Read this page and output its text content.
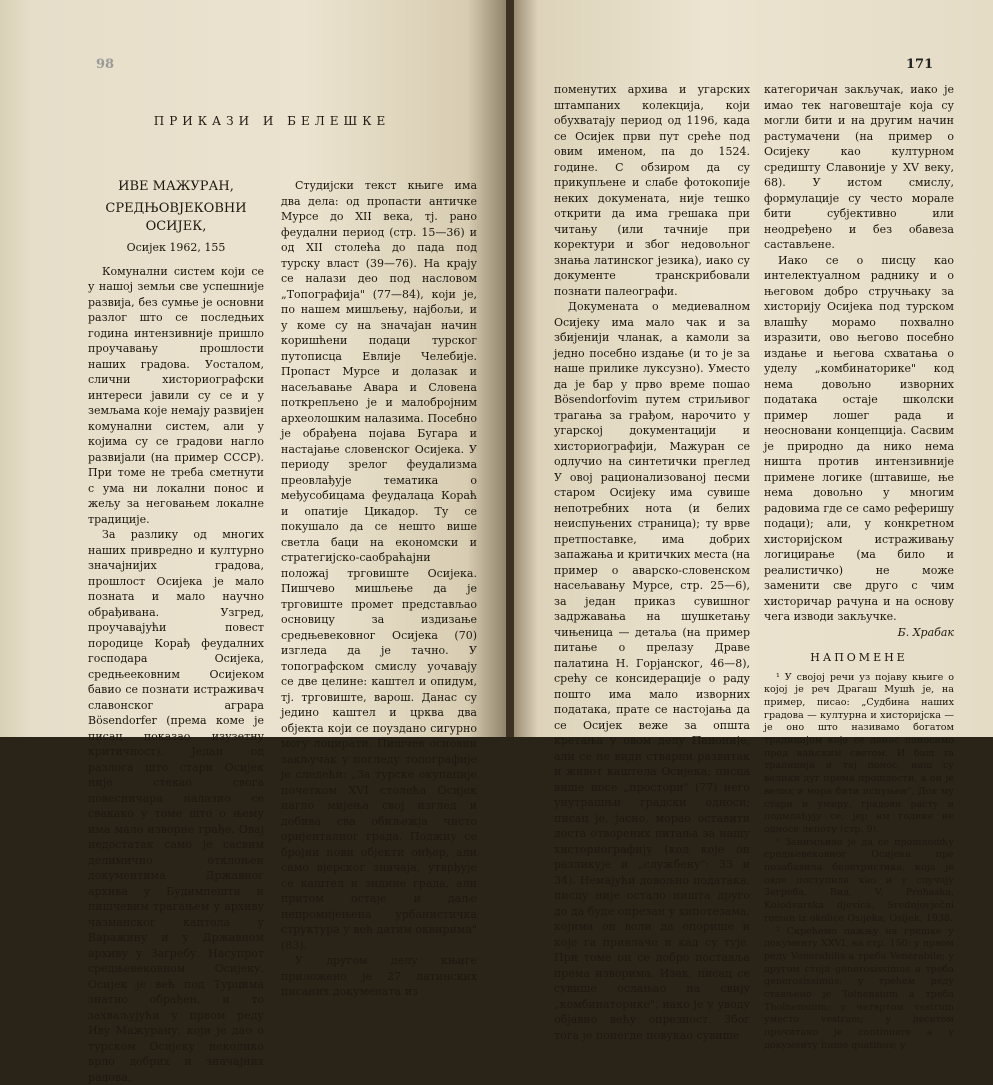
98
ПРИКАЗИ И БЕЛЕШКЕ
ИВЕ МАЖУРАН,
СРЕДЊОВЈЕКОВНИ ОСИЈЕК,
Осијек 1962, 155

Комунални систем који се у нашој земљи све успешније развија, без сумње је основни разлог што се последњих година интензивније пришло проучавању прошлости наших градова. Уосталом, слични хисториографски интереси јавили су се и у земљама које немају развијен комунални систем, али у којима су се градови нагло развијали (на пример СССР). При томе не треба сметнути с ума ни локални понос и жељу за неговањем локалне традиције.

За разлику од многих наших привредно и културно значајнијих градова, прошлост Осијека је мало позната и мало научно обрађивана. Узгред, проучавајући повест породице Корађ феудалних господара Осијека, средњеековним Осијеком бавио се познати истраживач славонског аграра Bösendorfer (према коме је писац показао изузетну критичност). Један од разлога што стари Осијек није стекао свога повесничара налазио се свакако у томе што о њему има мало изворне грађе. Овај недостатак само је сасвим делимично отклоњен документима Државног архива у Будимпешти и пишчевим трагањем у архиву чазманског каптола у Варажину и у Државном архиву у Загребу. Насупрот средњевековном Осијеку, Осијек је већ под Турцима знатно обрађен, и то захваљујући у првом реду Иву Мажурану, који је дао о турском Осијеку неколико врло добрих и значајних радова.

Студијски текст књиге има два дела: од пропасти античке Мурсе до XII века, тј. рано феудални период (стр. 15—36) и од XII столећа до пада под турску власт (39—76). На крају се налази део под насловом „Топографија" (77—84), који је, по нашем мишљењу, најбољи, и у коме су на значајан начин коришћени подаци турског путописца Евлије Челебије. Пропаст Мурсе и долазак и насељавање Авара и Словена поткрепљено је и малобројним археолошким налазима. Посебно је обрађена појава Бугара и настајање словенског Осијека. У периоду зрелог феудализма преовлађује тематика о међусобицама феудалаца Кораћ и опатије Цикадор. Ту се покушало да се нешто више светла баци на економски и стратегијско-саобраћајни положај трговиште Осијека. Пишчево мишљење да је трговиште промет представљао основицу за издизање средњевековног Осијека (70) изгледа да је тачно. У топографском смислу уочавају се две целине: каштел и опидум, тј. трговиште, варош. Данас су једино каштел и црква два објекта који се поуздано сигурно могу лоцирати. Пишчев основни закључак у погледу топографије је следећи: „За турске окупације почетком XVI столећа Осијек нагло мијења свој изглед и добива сва обиљежја чисто оријенталног града. Поджиу се бројни нови објекти онђер, али само вјерског значаја, утврђује се каштел и зидине града, али притом остаје и даље непромијењена урбанистичка структура у већ датим оквирима" (83).

У другом делу књиге приложено је 27 латинских писаних докумената из

171

поменутих архива и угарских штампаних колекција, који обухватају период од 1196, када се Осијек први пут среће под овим именом, па до 1524. године. С обзиром да су прикупљене и слабе фотокопије неких докумената, није тешко открити да има грешака при читању (или тачније при коректури и због недовољног знања латинског језика), иако су документе транскрибовали познати палеографи.

Докумената о медиевалном Осијеку има мало чак и за збијенији чланак, а камоли за једно посебно издање (и то је за наше прилике луксузно). Уместо да је бар у прво време пошао Bösendorfovim путем стриљивог трагања за грађом, нарочито у угарској документацији и хисториографији, Мажуран се одлучио на синтетички преглед У овој рационализованој песми старом Осијеку има сувише непотребних нота (и белих неиспуњених страница); ту врве претпоставке, има добрих запажања и критичких места (на пример о аварско-словенском насељавању Мурсе, стр. 25—6), за један приказ сувишног задржавања на шушкетању чињеница — детаља (на пример питање о прелазу Драве палатина Н. Горјанског, 46—8), срећу се консидерације о раду пошто има мало изворних података, прате се настојања да се Осијек веже за општа кретања у овом делу Паноније, али се не види стварни развитак и живот каштела Осијека; писца више носе „простори" (77) него унутрашњи градски односи; писац је, јасно, морао оставити доста отворених питања за нашу хисториографију (код које он разликује и „службену": 33 и 34). Немајући довољно података, писцу није остало ништа друго до да буде опрезан у хипотезама, којима он воли да опорише и које га привлаче и кад су тује. При томе он се добро поставља према изворима. Изак, писац се сувише ослањао на свију „комбинаторике", иако је у уводу објавио већу опрезност. Због тога је понегде повукао сувише

категоричан закључак, иако је имао тек наговештаје која су могли бити и на другим начин растумачени (на пример о Осијеку као културном средишту Славоније у XV веку, 68). У истом смислу, формулације су често морале бити субјективно или неодређено и без обавеза састављене.

Иако се о писцу као интелектуалном раднику и о његовом добро стручњаку за хисторију Осијека под турском влашћу морамо похвално изразити, ово његово посебно издање и његова схватања о уделу „комбинаторике" код нема довољно изворних података остаје школски пример лошег рада и неосновани концепција. Сасвим је природно да нико нема ништа против интензивније примене логике (штавише, ње нема довољно у многим радовима где се само реферишу подаци); али, у конкретном хисторијском истраживању логицирање (ма било и реалистичко) не може заменити све друго с чим хисторичар рачуна и на основу чега изводи закључке.

Б. Храбак

НАПОМЕНЕ

¹ У својој речи уз појаву књиге о којој је реч Драгаш Мушћ је, на пример, писао: „Судбина наших градова — културна и хисторијска — је оно што називамо богатом традицијом које се данас поносимо пред вањским светом. И баш та традиција и тај понос, наш су велики дуг према прошлости, а он је велик и мора бити испуњен". Док му стари и умиру, градови расту и подмлађују се, јер им године не односе лепоту (стр. 9).

² Занимљиво је да се прошлошћу средњевековног Осијека пре позабавила белетристика, која је овде поступила као и у случају Загреба. Вид. V. Prohaska, Kolodvarska djevica. Srednjovječni roman iz okolice Osijeka, Osijek, 1938.

³ Скрећемо пажњу на грешке у документу XXVI, на стр. 150: у првом реду Venerabilis а треба Venerabile; у другом стоји generosissimus а треба generosissimus; у трећем реду стављено је Tolnensium а треба Tholnensium; у четвртом vestrum уместо vestram; у десетом прочитано је continuere а у документу пише quatinus; у
